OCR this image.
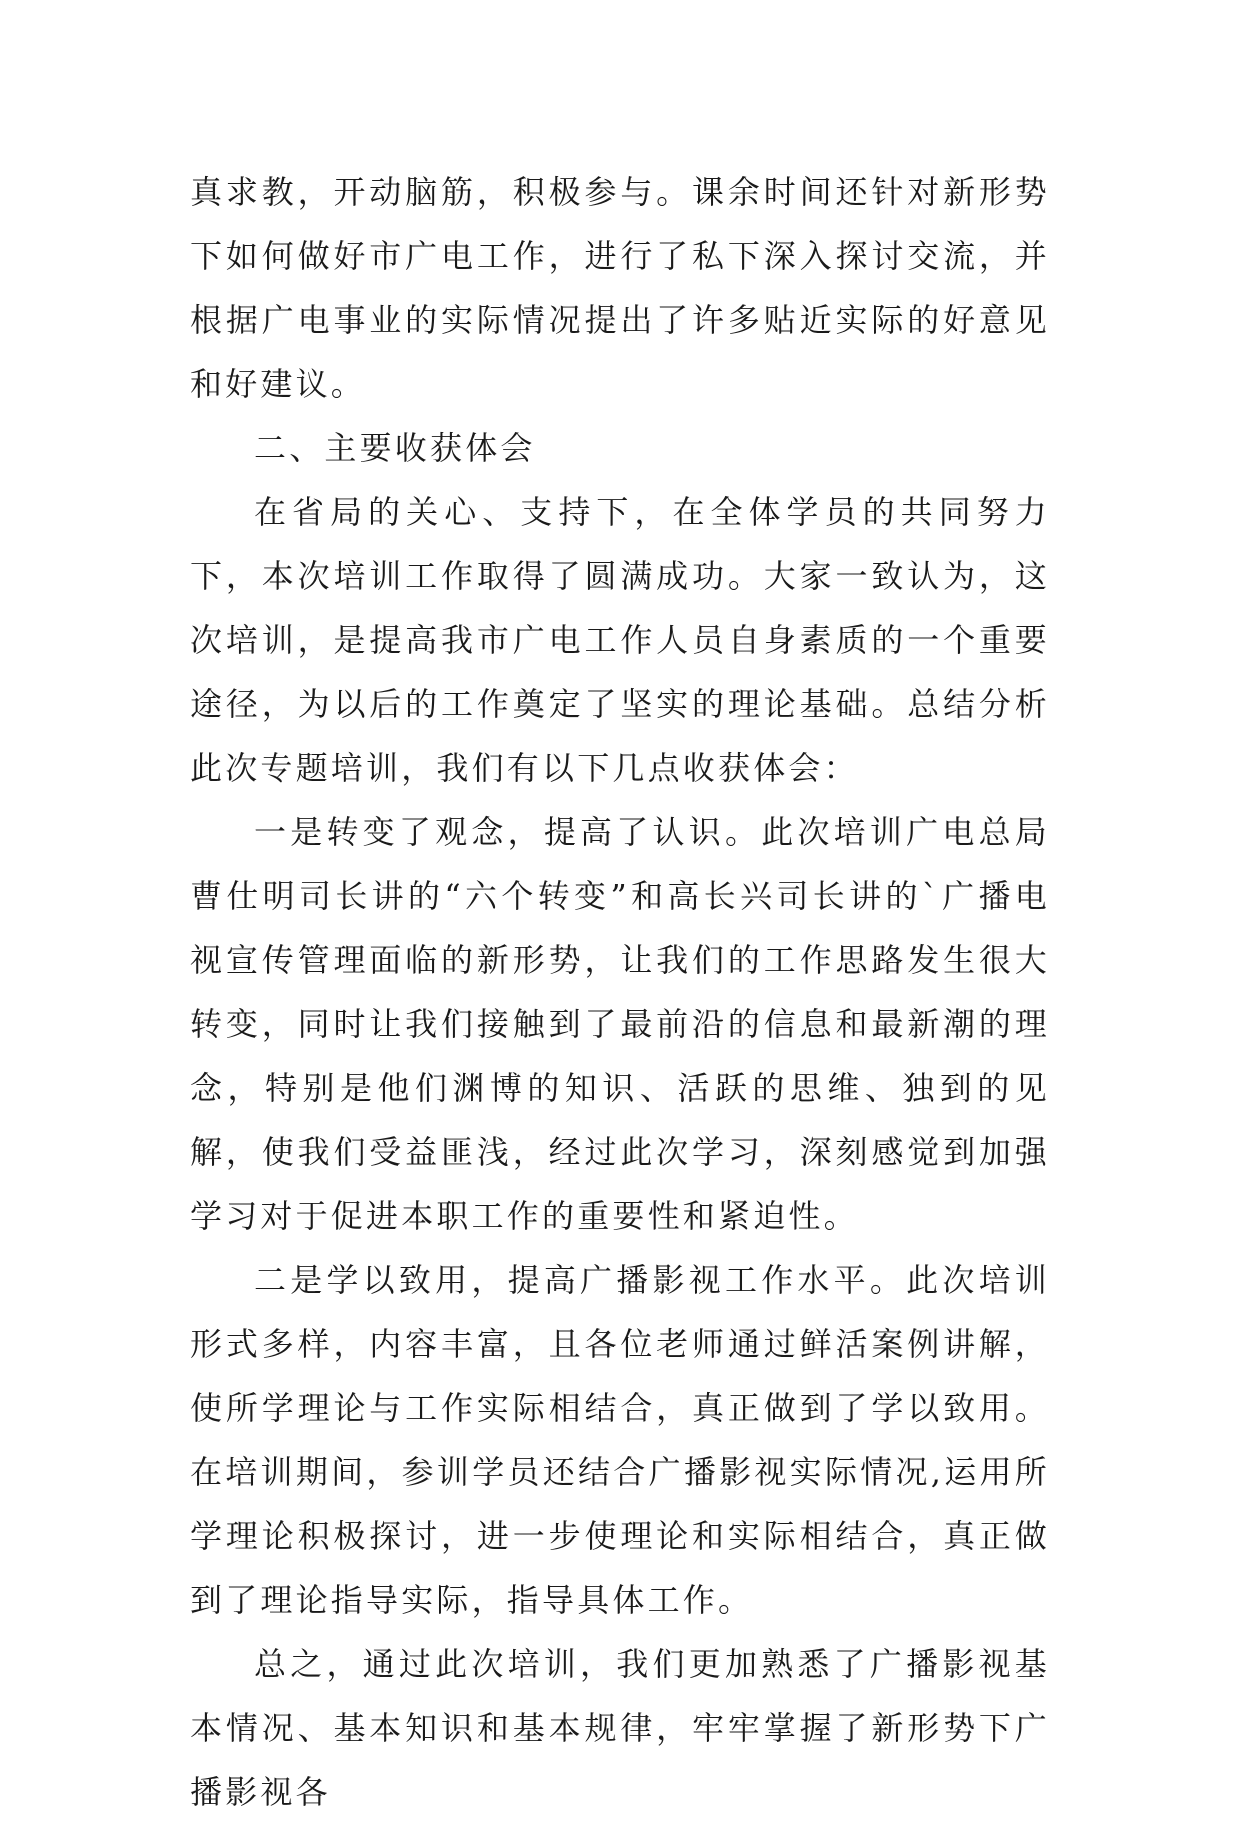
真求教，开动脑筋，积极参与。课余时间还针对新形势下如何做好市广电工作，进行了私下深入探讨交流，并根据广电事业的实际情况提出了许多贴近实际的好意见和好建议。

二、主要收获体会

在省局的关心、支持下，在全体学员的共同努力下，本次培训工作取得了圆满成功。大家一致认为，这次培训，是提高我市广电工作人员自身素质的一个重要途径，为以后的工作奠定了坚实的理论基础。总结分析此次专题培训，我们有以下几点收获体会：

一是转变了观念，提高了认识。此次培训广电总局曹仕明司长讲的“六个转变”和高长兴司长讲的`广播电视宣传管理面临的新形势，让我们的工作思路发生很大转变，同时让我们接触到了最前沿的信息和最新潮的理念，特别是他们渊博的知识、活跃的思维、独到的见解，使我们受益匪浅，经过此次学习，深刻感觉到加强学习对于促进本职工作的重要性和紧迫性。

二是学以致用，提高广播影视工作水平。此次培训形式多样，内容丰富，且各位老师通过鲜活案例讲解，使所学理论与工作实际相结合，真正做到了学以致用。在培训期间，参训学员还结合广播影视实际情况,运用所学理论积极探讨，进一步使理论和实际相结合，真正做到了理论指导实际，指导具体工作。

总之，通过此次培训，我们更加熟悉了广播影视基本情况、基本知识和基本规律，牢牢掌握了新形势下广播影视各
